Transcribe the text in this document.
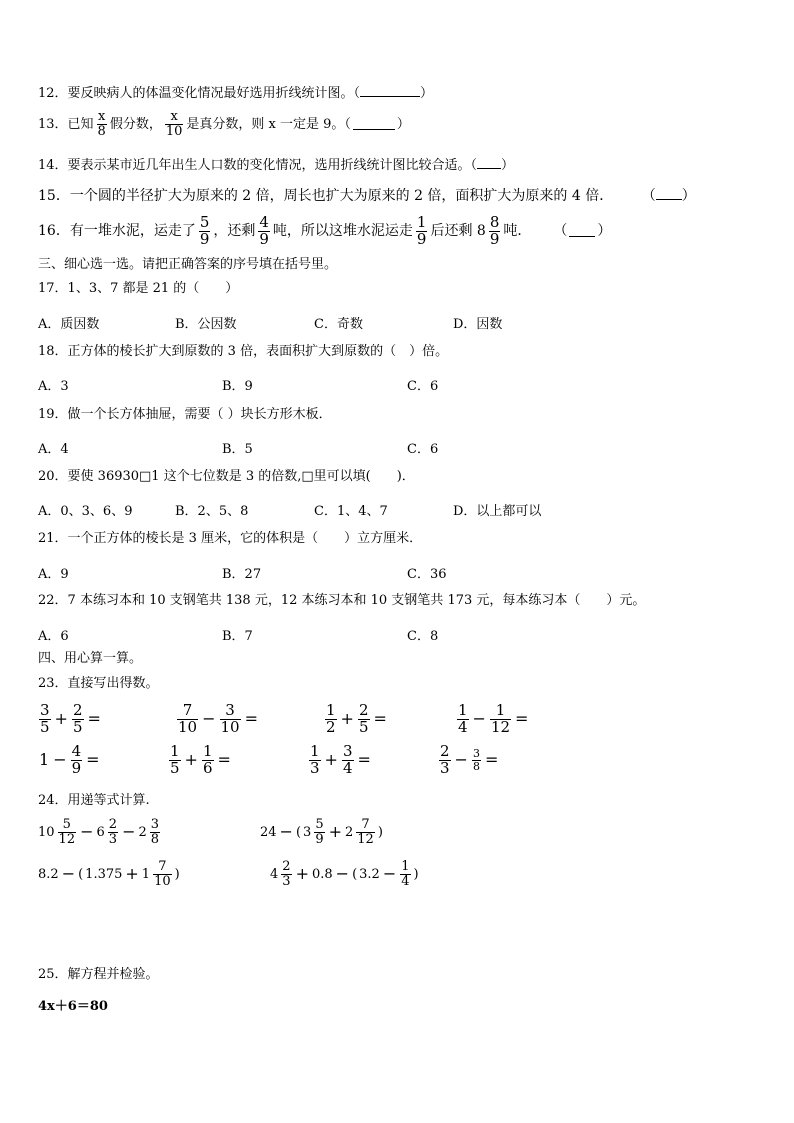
12．要反映病人的体温变化情况最好选用折线统计图。（	）
13．已知 $\frac{x}{8}$ 假分数， $\frac{x}{10}$ 是真分数，则 x 一定是 9。（	）
14．要表示某市近几年出生人口数的变化情况，选用折线统计图比较合适。（ ）
15．一个圆的半径扩大为原来的 2 倍，周长也扩大为原来的 2 倍，面积扩大为原来的 4 倍． （ ）
16．有一堆水泥，运走了 $\frac{5}{9}$ ，还剩 $\frac{4}{9}$ 吨，所以这堆水泥运走 $\frac{1}{9}$ 后还剩 $8 \frac{8}{9}$ 吨． （ ）
三、细心选一选。请把正确答案的序号填在括号里。
17．1、3、7 都是 21 的（　　）
A．质因数	B．公因数	C．奇数	D．因数
18．正方体的棱长扩大到原数的 3 倍，表面积扩大到原数的（　）倍。
A．3	B．9	C．6
19．做一个长方体抽屉，需要（ ）块长方形木板．
A．4	B．5	C．6
20．要使 36930□1 这个七位数是 3 的倍数,□里可以填(　　)．
A．0、3、6、9	B．2、5、8	C．1、4、7	D．以上都可以
21．一个正方体的棱长是 3 厘米，它的体积是（　　）立方厘米．
A．9	B．27	C．36
22．7 本练习本和 10 支钢笔共 138 元，12 本练习本和 10 支钢笔共 173 元，每本练习本（　　）元。
A．6	B．7	C．8
四、用心算一算。
23．直接写出得数。
$\frac{3}{5} + \frac{2}{5}$ =	$\frac{7}{10} - \frac{3}{10}$ =	$\frac{1}{2} + \frac{2}{5}$ =	$\frac{1}{4} - \frac{1}{12}$ =
$1 - \frac{4}{9}$ =	$\frac{1}{5} + \frac{1}{6}$ =	$\frac{1}{3} + \frac{3}{4}$ =	$\frac{2}{3} - \frac{3}{8}$ =
24．用递等式计算.
$10 \frac{5}{12} - 6 \frac{2}{3} - 2 \frac{3}{8}$	24 − ( $3 \frac{5}{9} + 2 \frac{7}{12}$ )
8.2 − ( $1.375 + 1 \frac{7}{10}$ )	$4 \frac{2}{3} + 0.8$ − ( $3.2 - \frac{1}{4}$ )
25．解方程并检验。
4x＋6＝80
